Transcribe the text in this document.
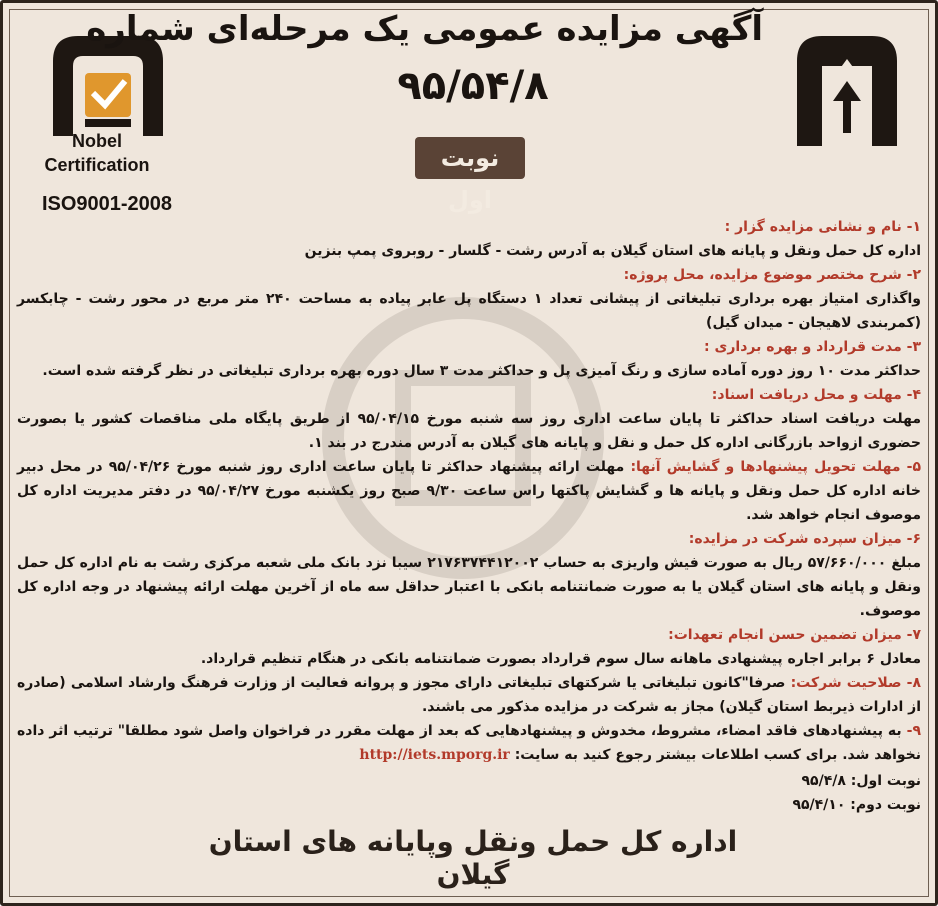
Nobel
Certification
ISO9001-2008
آگهی مزایده عمومی یک مرحله‌ای شماره
۹۵/۵۴/۸
نوبت اول
۱- نام و نشانی مزایده گزار :
اداره کل حمل ونقل و پایانه های استان گیلان به آدرس رشت - گلسار - روبروی پمپ بنزین
۲- شرح مختصر موضوع مزایده، محل پروژه:
واگذاری امتیاز بهره برداری تبلیغاتی از پیشانی تعداد ۱ دستگاه پل عابر پیاده به مساحت ۲۴۰ متر مربع در محور رشت - چابکسر (کمربندی لاهیجان - میدان گیل)
۳- مدت قرارداد و بهره برداری :
حداکثر مدت ۱۰ روز دوره آماده سازی و رنگ آمیزی پل و حداکثر مدت ۳ سال دوره بهره برداری تبلیغاتی در نظر گرفته شده است.
۴- مهلت و محل دریافت اسناد:
مهلت دریافت اسناد حداکثر تا پایان ساعت اداری روز سه شنبه مورخ ۹۵/۰۴/۱۵ از طریق پایگاه ملی مناقصات کشور یا بصورت حضوری ازواحد بازرگانی اداره کل حمل و نقل و پایانه های گیلان به آدرس مندرج در بند ۱.
۵- مهلت تحویل پیشنهادها و گشایش آنها: مهلت ارائه پیشنهاد حداکثر تا پایان ساعت اداری روز شنبه مورخ ۹۵/۰۴/۲۶ در محل دبیر خانه اداره کل حمل ونقل و پایانه ها و گشایش پاکتها راس ساعت ۹/۳۰ صبح روز یکشنبه مورخ ۹۵/۰۴/۲۷ در دفتر مدیریت اداره کل موصوف انجام خواهد شد.
۶- میزان سپرده شرکت در مزایده:
مبلغ ۵۷/۶۶۰/۰۰۰ ریال به صورت فیش واریزی به حساب ۲۱۷۶۳۷۴۴۱۲۰۰۲ سیبا نزد بانک ملی شعبه مرکزی رشت به نام اداره کل حمل ونقل و پایانه های استان گیلان یا به صورت ضمانتنامه بانکی با اعتبار حداقل سه ماه از آخرین مهلت ارائه پیشنهاد در وجه اداره کل موصوف.
۷- میزان تضمین حسن انجام تعهدات:
معادل ۶ برابر اجاره پیشنهادی ماهانه سال سوم قرارداد بصورت ضمانتنامه بانکی در هنگام تنظیم قرارداد.
۸- صلاحیت شرکت: صرفا"کانون تبلیغاتی یا شرکتهای تبلیغاتی دارای مجوز و پروانه فعالیت از وزارت فرهنگ وارشاد اسلامی (صادره از ادارات ذیربط استان گیلان) مجاز به شرکت در مزایده مذکور می باشند.
۹- به پیشنهادهای فاقد امضاء، مشروط، مخدوش و پیشنهادهایی که بعد از مهلت مقرر در فراخوان واصل شود مطلقا" ترتیب اثر داده نخواهد شد. برای کسب اطلاعات بیشتر رجوع کنید به سایت: http://iets.mporg.ir
نوبت اول: ۹۵/۴/۸
نوبت دوم: ۹۵/۴/۱۰
اداره کل حمل ونقل وپایانه های استان گیلان
